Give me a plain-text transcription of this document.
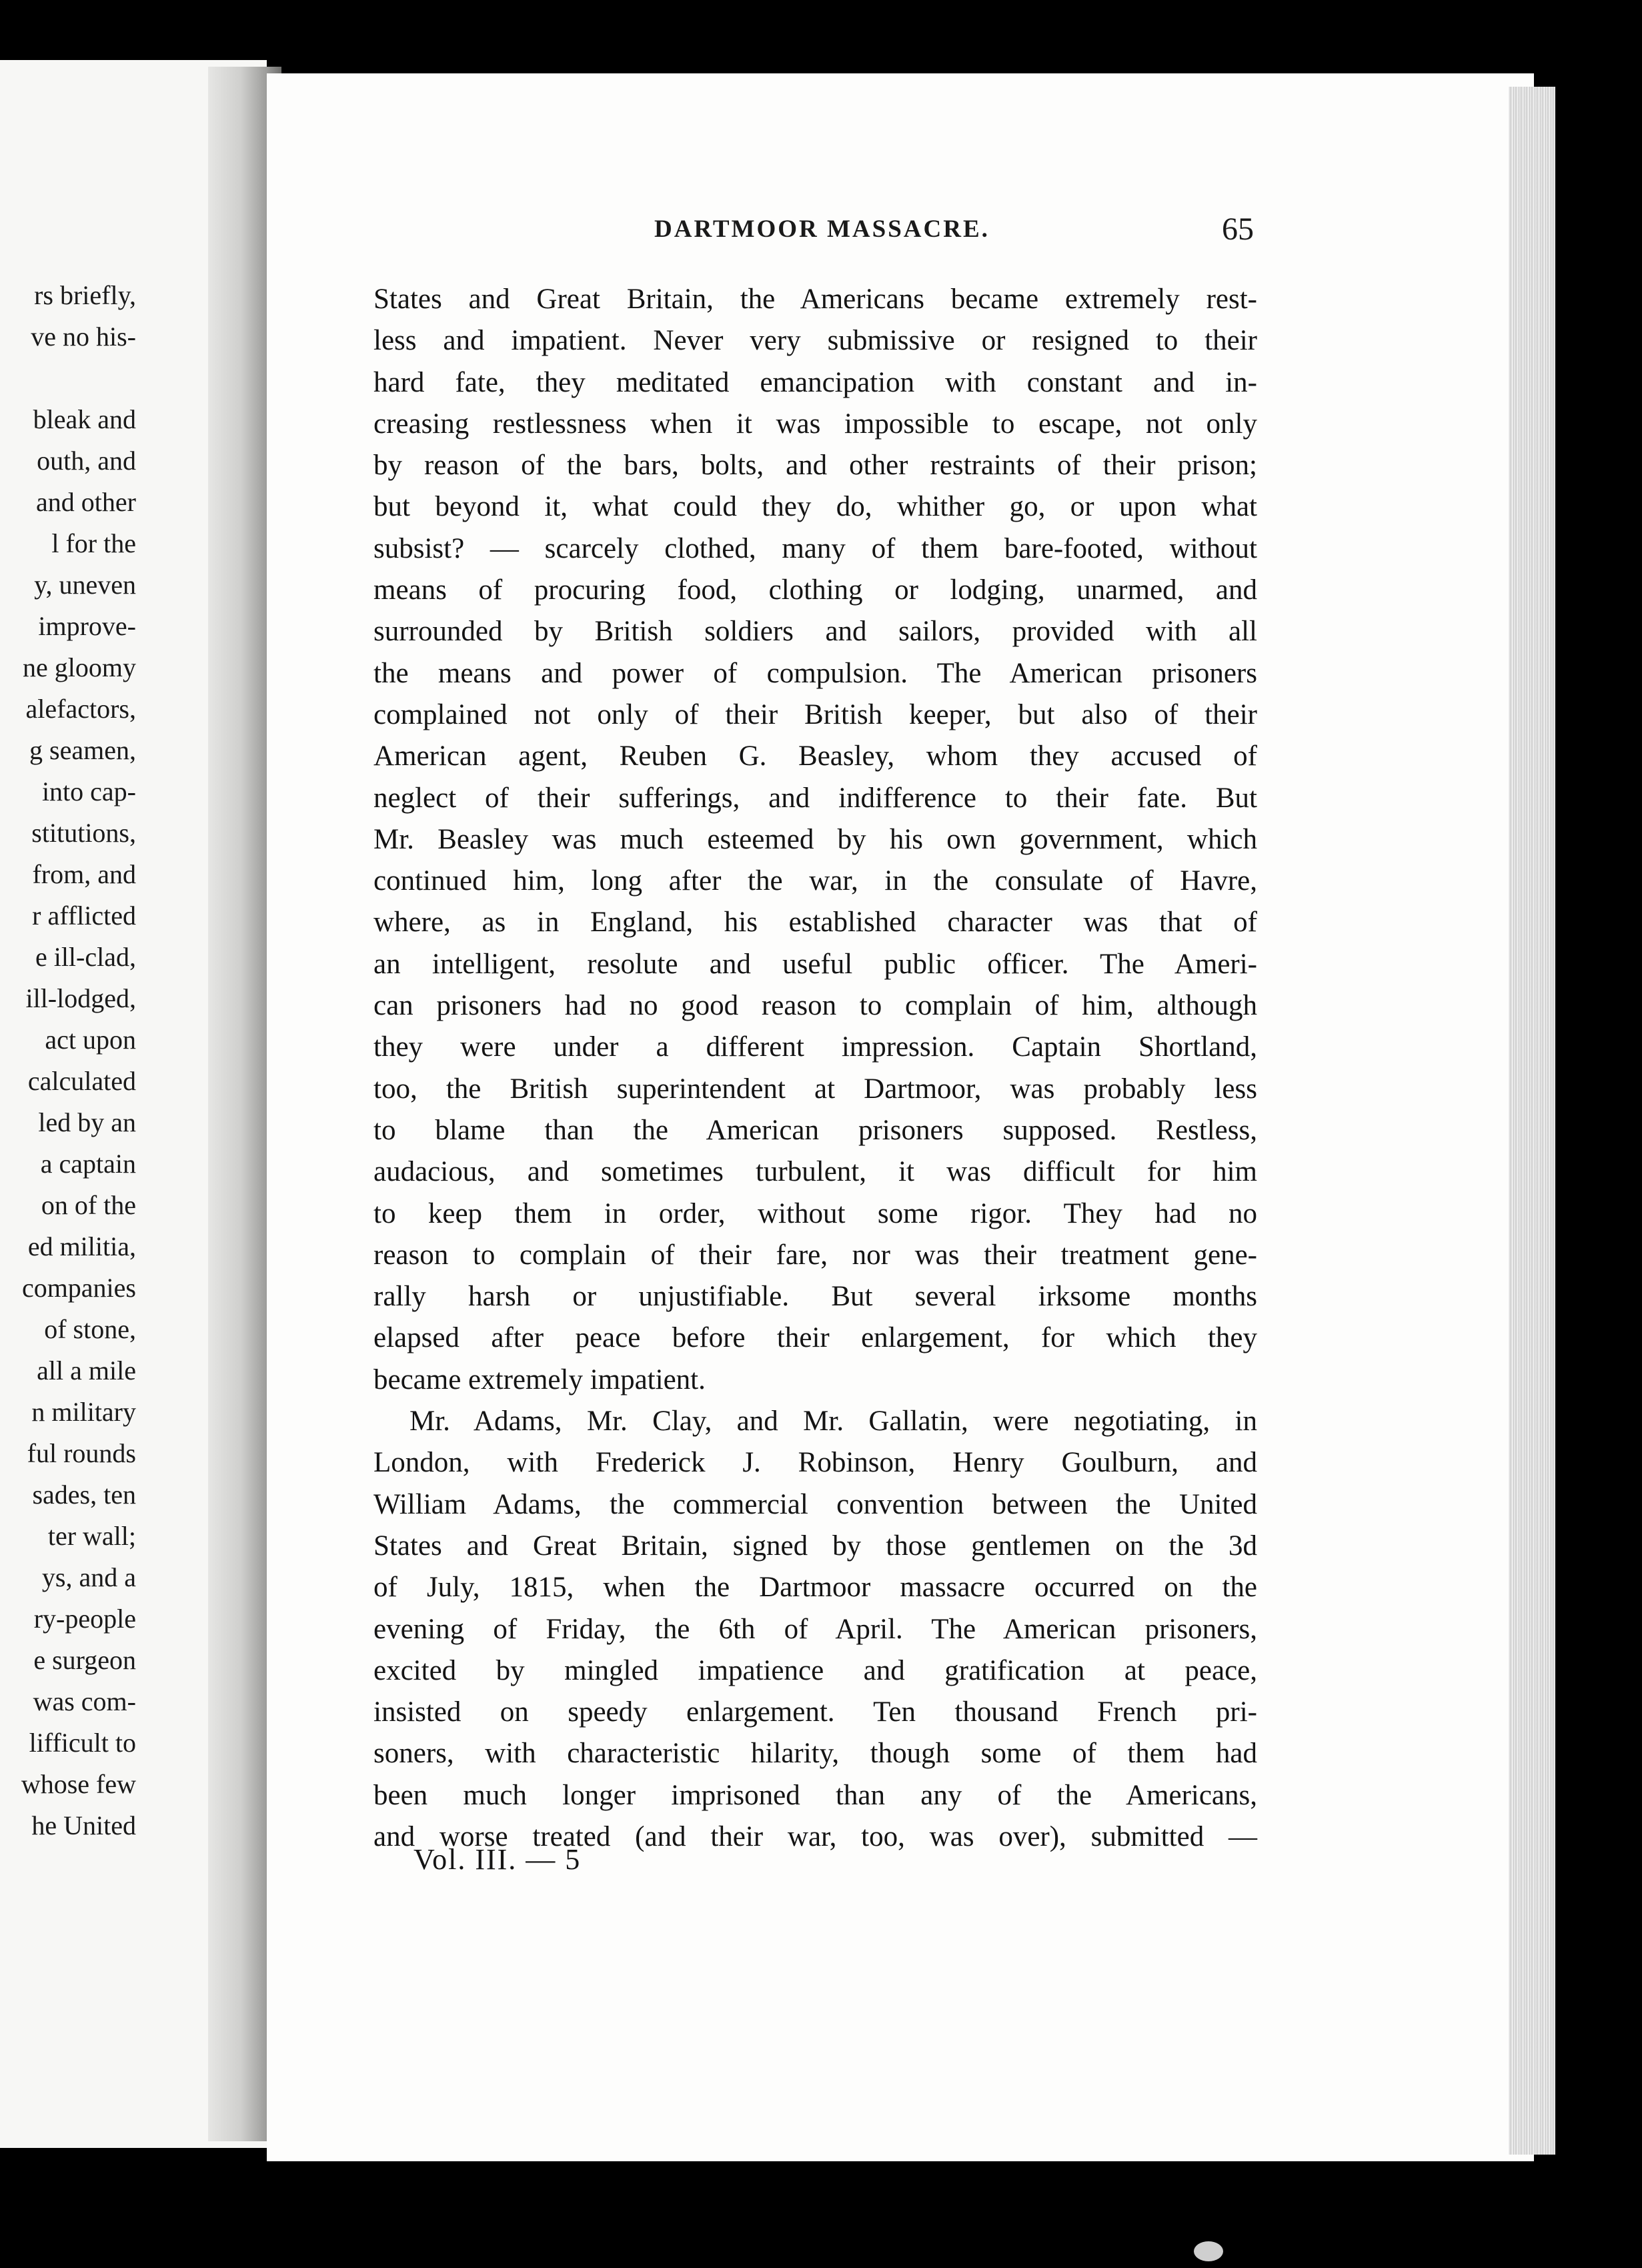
rs briefly,
ve no his-
bleak and
outh, and
and other
l for the
y, uneven
improve-
ne gloomy
alefactors,
g seamen,
into cap-
stitutions,
from, and
r afflicted
e ill-clad,
ill-lodged,
act upon
calculated
led by an
a captain
on of the
ed militia,
companies
of stone,
all a mile
n military
ful rounds
sades, ten
ter wall;
ys, and a
ry-people
e surgeon
was com-
lifficult to
whose few
he United
DARTMOOR MASSACRE.	65
States and Great Britain, the Americans became extremely rest-
less and impatient. Never very submissive or resigned to their
hard fate, they meditated emancipation with constant and in-
creasing restlessness when it was impossible to escape, not only
by reason of the bars, bolts, and other restraints of their prison;
but beyond it, what could they do, whither go, or upon what
subsist? — scarcely clothed, many of them bare-footed, without
means of procuring food, clothing or lodging, unarmed, and
surrounded by British soldiers and sailors, provided with all
the means and power of compulsion. The American prisoners
complained not only of their British keeper, but also of their
American agent, Reuben G. Beasley, whom they accused of
neglect of their sufferings, and indifference to their fate. But
Mr. Beasley was much esteemed by his own government, which
continued him, long after the war, in the consulate of Havre,
where, as in England, his established character was that of
an intelligent, resolute and useful public officer. The Ameri-
can prisoners had no good reason to complain of him, although
they were under a different impression. Captain Shortland,
too, the British superintendent at Dartmoor, was probably less
to blame than the American prisoners supposed. Restless,
audacious, and sometimes turbulent, it was difficult for him
to keep them in order, without some rigor. They had no
reason to complain of their fare, nor was their treatment gene-
rally harsh or unjustifiable. But several irksome months
elapsed after peace before their enlargement, for which they
became extremely impatient.
Mr. Adams, Mr. Clay, and Mr. Gallatin, were negotiating, in
London, with Frederick J. Robinson, Henry Goulburn, and
William Adams, the commercial convention between the United
States and Great Britain, signed by those gentlemen on the 3d
of July, 1815, when the Dartmoor massacre occurred on the
evening of Friday, the 6th of April. The American prisoners,
excited by mingled impatience and gratification at peace,
insisted on speedy enlargement. Ten thousand French pri-
soners, with characteristic hilarity, though some of them had
been much longer imprisoned than any of the Americans,
and worse treated (and their war, too, was over), submitted —
Vol. III. — 5
